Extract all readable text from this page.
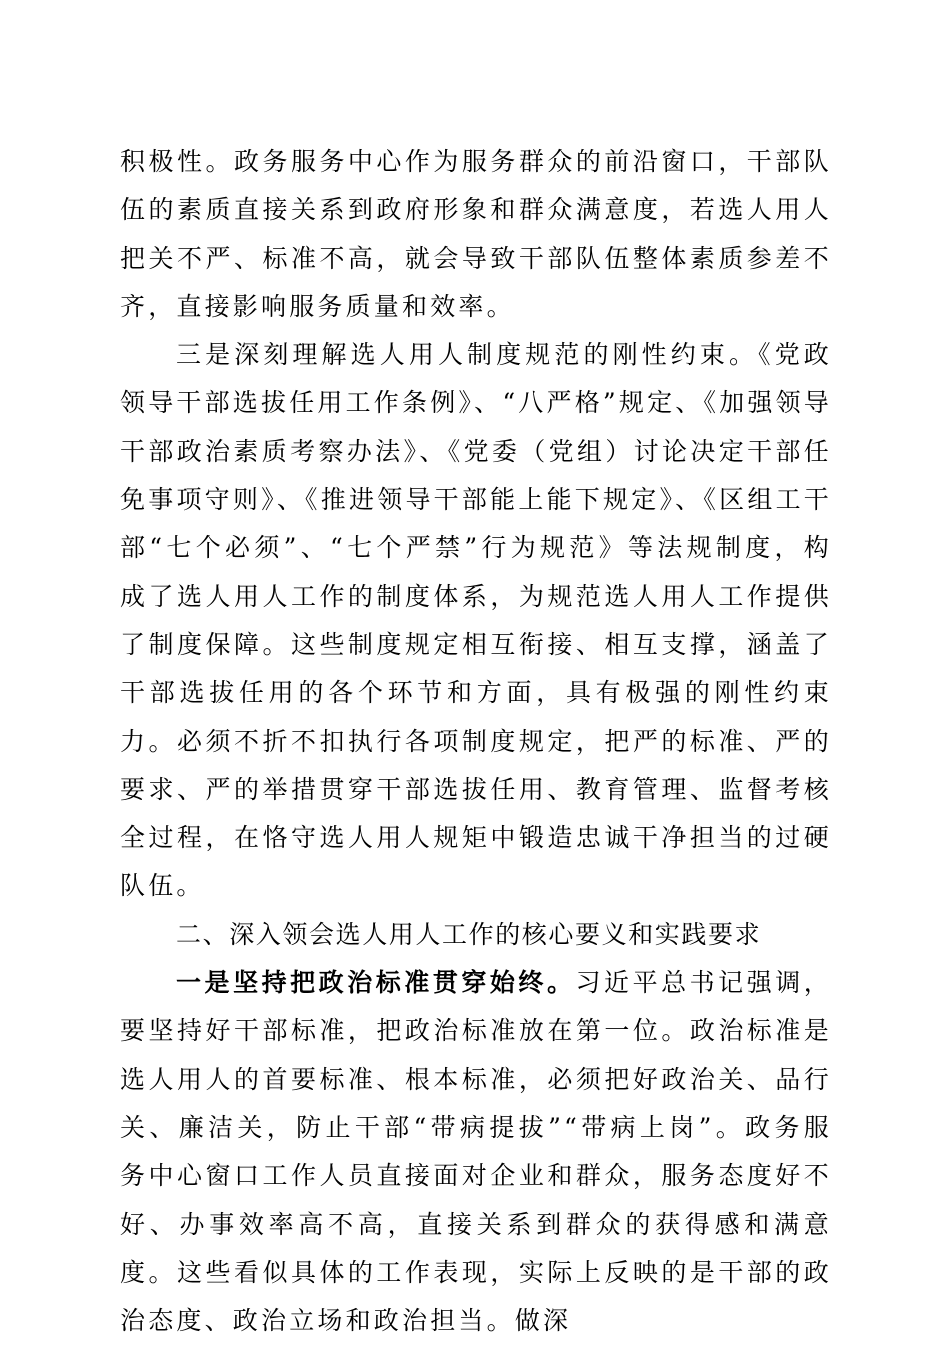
积极性。政务服务中心作为服务群众的前沿窗口，干部队伍的素质直接关系到政府形象和群众满意度，若选人用人把关不严、标准不高，就会导致干部队伍整体素质参差不齐，直接影响服务质量和效率。

三是深刻理解选人用人制度规范的刚性约束。《党政领导干部选拔任用工作条例》、“八严格”规定、《加强领导干部政治素质考察办法》、《党委（党组）讨论决定干部任免事项守则》、《推进领导干部能上能下规定》、《区组工干部“七个必须”、“七个严禁”行为规范》等法规制度，构成了选人用人工作的制度体系，为规范选人用人工作提供了制度保障。这些制度规定相互衔接、相互支撑，涵盖了干部选拔任用的各个环节和方面，具有极强的刚性约束力。必须不折不扣执行各项制度规定，把严的标准、严的要求、严的举措贯穿干部选拔任用、教育管理、监督考核全过程，在恪守选人用人规矩中锻造忠诚干净担当的过硬队伍。

二、深入领会选人用人工作的核心要义和实践要求

一是坚持把政治标准贯穿始终。习近平总书记强调，要坚持好干部标准，把政治标准放在第一位。政治标准是选人用人的首要标准、根本标准，必须把好政治关、品行关、廉洁关，防止干部“带病提拔”“带病上岗”。政务服务中心窗口工作人员直接面对企业和群众，服务态度好不好、办事效率高不高，直接关系到群众的获得感和满意度。这些看似具体的工作表现，实际上反映的是干部的政治态度、政治立场和政治担当。做深
